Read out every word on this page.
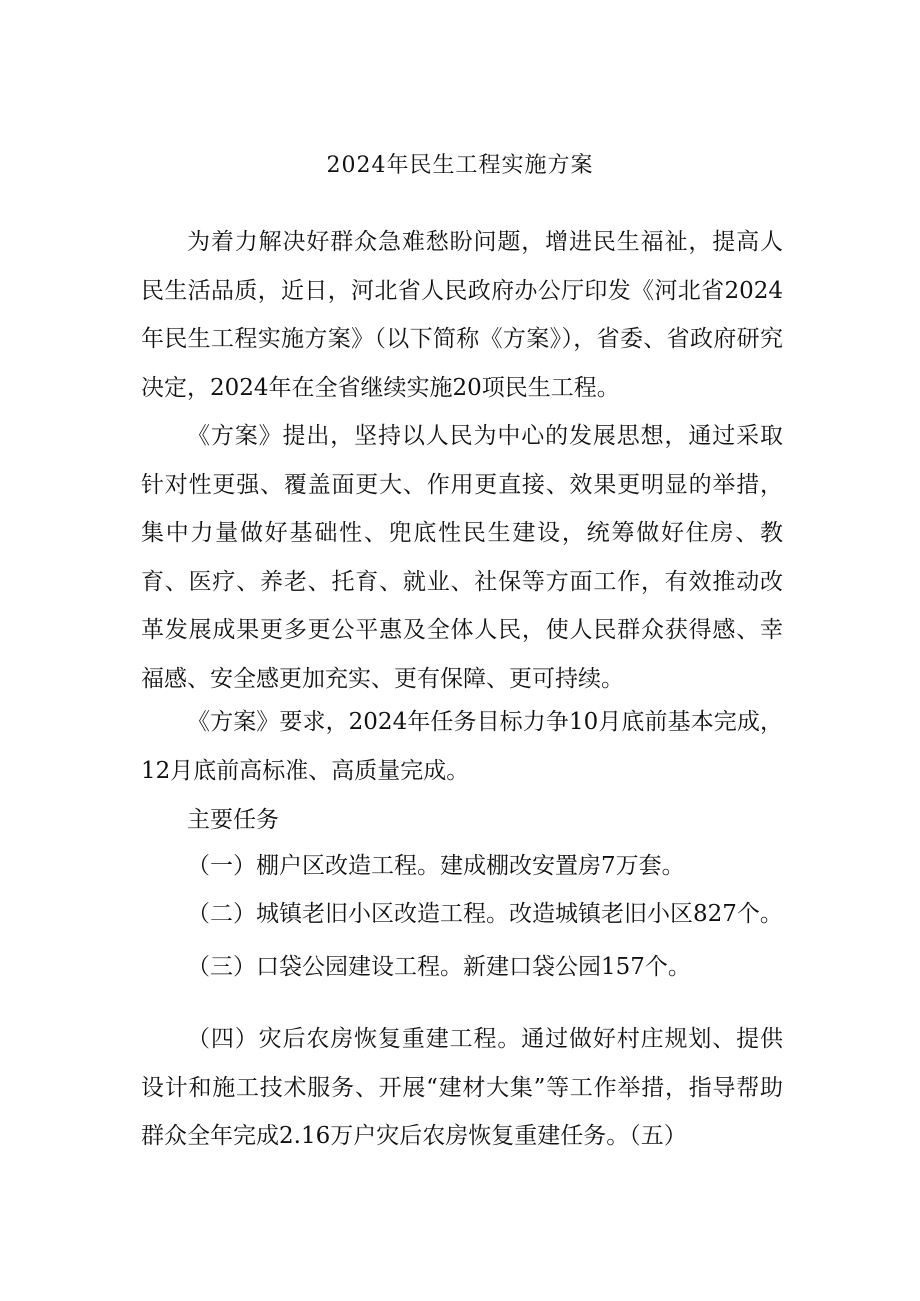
2024年民生工程实施方案

为着力解决好群众急难愁盼问题，增进民生福祉，提高人民生活品质，近日，河北省人民政府办公厅印发《河北省2024年民生工程实施方案》（以下简称《方案》），省委、省政府研究决定，2024年在全省继续实施20项民生工程。

《方案》提出，坚持以人民为中心的发展思想，通过采取针对性更强、覆盖面更大、作用更直接、效果更明显的举措，集中力量做好基础性、兜底性民生建设，统筹做好住房、教育、医疗、养老、托育、就业、社保等方面工作，有效推动改革发展成果更多更公平惠及全体人民，使人民群众获得感、幸福感、安全感更加充实、更有保障、更可持续。

《方案》要求，2024年任务目标力争10月底前基本完成，12月底前高标准、高质量完成。

主要任务

（一）棚户区改造工程。建成棚改安置房7万套。

（二）城镇老旧小区改造工程。改造城镇老旧小区827个。

（三）口袋公园建设工程。新建口袋公园157个。

（四）灾后农房恢复重建工程。通过做好村庄规划、提供设计和施工技术服务、开展“建材大集”等工作举措，指导帮助群众全年完成2.16万户灾后农房恢复重建任务。（五）
